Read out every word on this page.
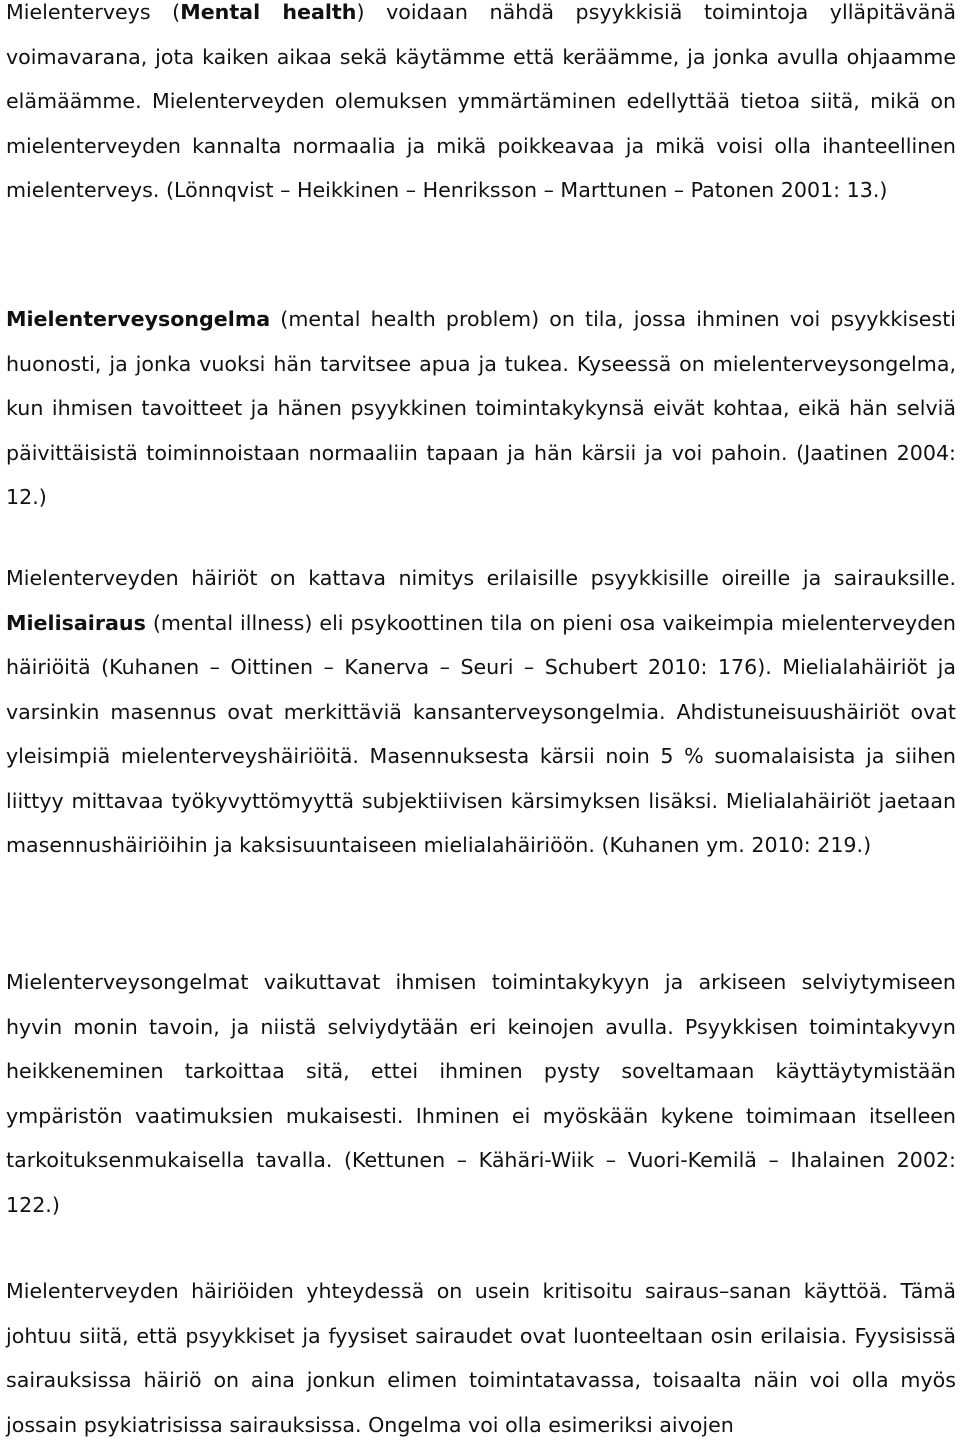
Mielenterveys (Mental health) voidaan nähdä psyykkisiä toimintoja ylläpitävänä voimavarana, jota kaiken aikaa sekä käytämme että keräämme, ja jonka avulla ohjaamme elämäämme. Mielenterveyden olemuksen ymmärtäminen edellyttää tietoa siitä, mikä on mielenterveyden kannalta normaalia ja mikä poikkeavaa ja mikä voisi olla ihanteellinen mielenterveys. (Lönnqvist – Heikkinen – Henriksson – Marttunen – Patonen 2001: 13.)

Mielenterveysongelma (mental health problem) on tila, jossa ihminen voi psyykkisesti huonosti, ja jonka vuoksi hän tarvitsee apua ja tukea. Kyseessä on mielenterveysongelma, kun ihmisen tavoitteet ja hänen psyykkinen toimintakykynsä eivät kohtaa, eikä hän selviä päivittäisistä toiminnoistaan normaaliin tapaan ja hän kärsii ja voi pahoin. (Jaatinen 2004: 12.)

Mielenterveyden häiriöt on kattava nimitys erilaisille psyykkisille oireille ja sairauksille. Mielisairaus (mental illness) eli psykoottinen tila on pieni osa vaikeimpia mielenterveyden häiriöitä (Kuhanen – Oittinen – Kanerva – Seuri – Schubert 2010: 176). Mielialahäiriöt ja varsinkin masennus ovat merkittäviä kansanterveysongelmia. Ahdistuneisuushäiriöt ovat yleisimpiä mielenterveyshäiriöitä. Masennuksesta kärsii noin 5 % suomalaisista ja siihen liittyy mittavaa työkyvyttömyyttä subjektiivisen kärsimyksen lisäksi. Mielialahäiriöt jaetaan masennushäiriöihin ja kaksisuuntaiseen mielialahäiriöön. (Kuhanen ym. 2010: 219.)

Mielenterveysongelmat vaikuttavat ihmisen toimintakykyyn ja arkiseen selviytymiseen hyvin monin tavoin, ja niistä selviydytään eri keinojen avulla. Psyykkisen toimintakyvyn heikkeneminen tarkoittaa sitä, ettei ihminen pysty soveltamaan käyttäytymistään ympäristön vaatimuksien mukaisesti. Ihminen ei myöskään kykene toimimaan itselleen tarkoituksenmukaisella tavalla. (Kettunen – Kähäri-Wiik – Vuori-Kemilä – Ihalainen 2002: 122.)

Mielenterveyden häiriöiden yhteydessä on usein kritisoitu sairaus–sanan käyttöä. Tämä johtuu siitä, että psyykkiset ja fyysiset sairaudet ovat luonteeltaan osin erilaisia. Fyysisissä sairauksissa häiriö on aina jonkun elimen toimintatavassa, toisaalta näin voi olla myös jossain psykiatrisissa sairauksissa. Ongelma voi olla esimeriksi aivojen
